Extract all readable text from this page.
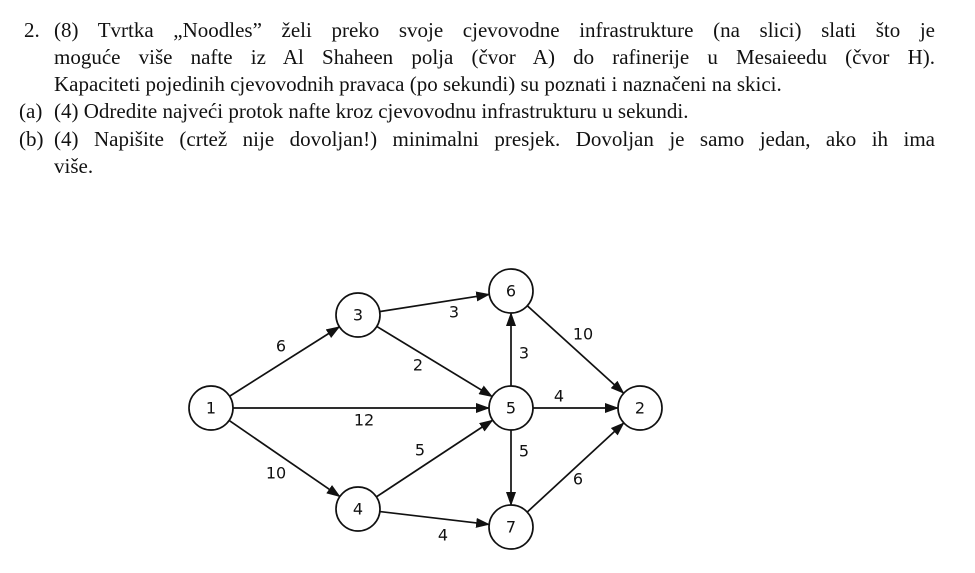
2. (8) Tvrtka „Noodles” želi preko svoje cjevovodne infrastrukture (na slici) slati što je
moguće više nafte iz Al Shaheen polja (čvor A) do rafinerije u Mesaieedu (čvor H).
Kapaciteti pojedinih cjevovodnih pravaca (po sekundi) su poznati i naznačeni na skici.
(a) (4) Odredite najveći protok nafte kroz cjevovodnu infrastrukturu u sekundi.
(b) (4) Napišite (crtež nije dovoljan!) minimalni presjek. Dovoljan je samo jedan, ako ih ima
više.
6
12
10
3
2
5
4
3
4
5
10
6
1
3
4
5
6
7
2
